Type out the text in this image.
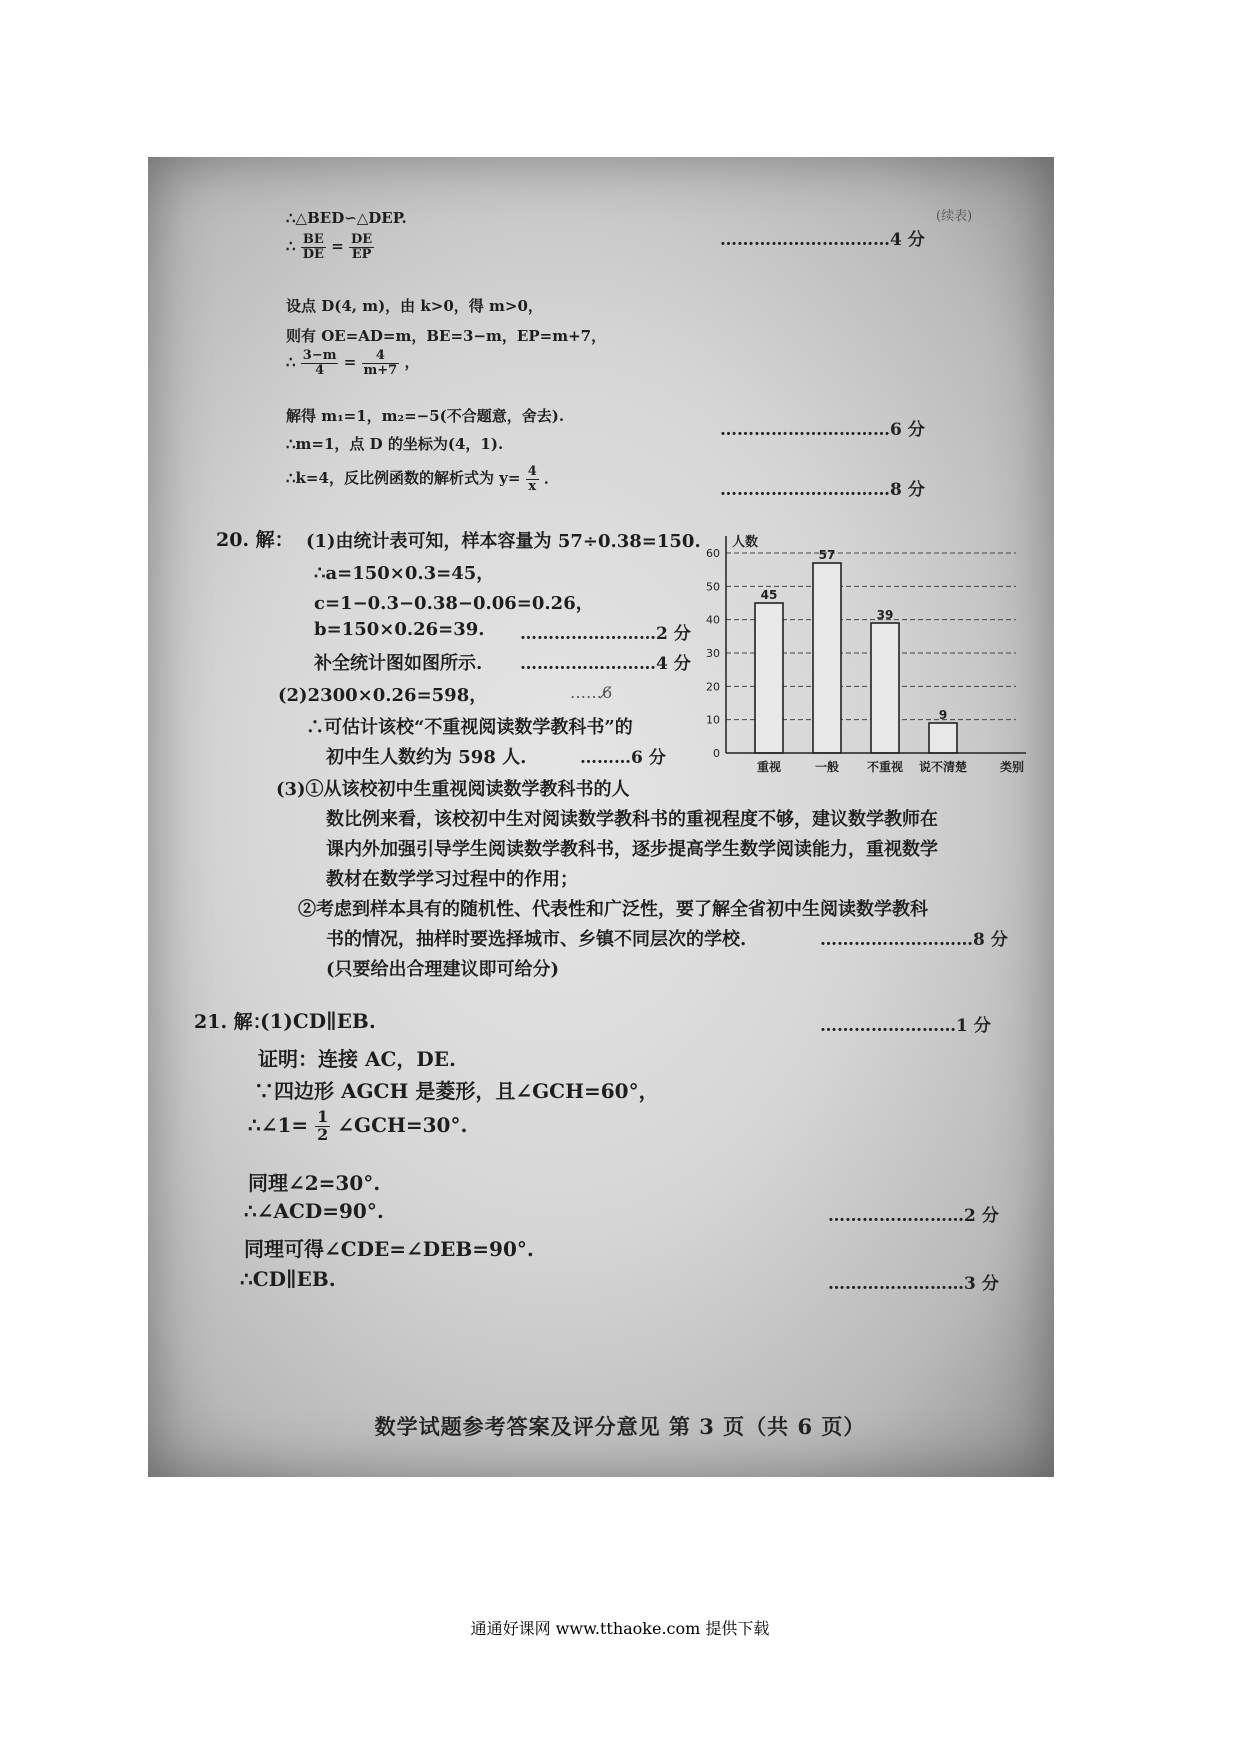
(续表)
∴△BED∽△DEP.
…………………………4 分
∴ $\frac{BE}{DE} = \frac{DE}{EP}$
设点 D(4, m)，由 k>0，得 m>0，
则有 OE=AD=m，BE=3−m，EP=m+7，
∴ $\frac{3-m}{4} = \frac{4}{m+7}$ ，
解得 m₁=1，m₂=−5(不合题意，舍去).
…………………………6 分
∴m=1，点 D 的坐标为(4，1).
∴k=4，反比例函数的解析式为 $y= \frac{4}{x}$ ．
…………………………8 分
20. 解： (1)由统计表可知，样本容量为 57÷0.38=150.
∴a=150×0.3=45，
c=1−0.3−0.38−0.06=0.26，
b=150×0.26=39. ……………………2 分
补全统计图如图所示. ……………………4 分
(2)2300×0.26=598，	……6̸
∴可估计该校“不重视阅读数学教科书”的
初中生人数约为 598 人.	………6 分
(3)①从该校初中生重视阅读数学教科书的人
数比例来看，该校初中生对阅读数学教科书的重视程度不够，建议数学教师在
课内外加强引导学生阅读数学教科书，逐步提高学生数学阅读能力，重视数学
教材在数学学习过程中的作用；
②考虑到样本具有的随机性、代表性和广泛性，要了解全省初中生阅读数学教科
书的情况，抽样时要选择城市、乡镇不同层次的学校.	………………………8 分
(只要给出合理建议即可给分)
21. 解：
(1)CD∥EB.	……………………1 分
证明：连接 AC，DE.
∵四边形 AGCH 是菱形，且∠GCH=60°，
∴∠1= $\frac{1}{2}$ ∠GCH=30°.
同理∠2=30°.
∴∠ACD=90°.	……………………2 分
同理可得∠CDE=∠DEB=90°.
∴CD∥EB.	……………………3 分
45
57
39
9
0
10
20
30
40
50
60
人数
类别
重视	一般 不重视 说不清楚
数学试题参考答案及评分意见 第 3 页（共 6 页）
通通好课网 www.tthaoke.com 提供下载
